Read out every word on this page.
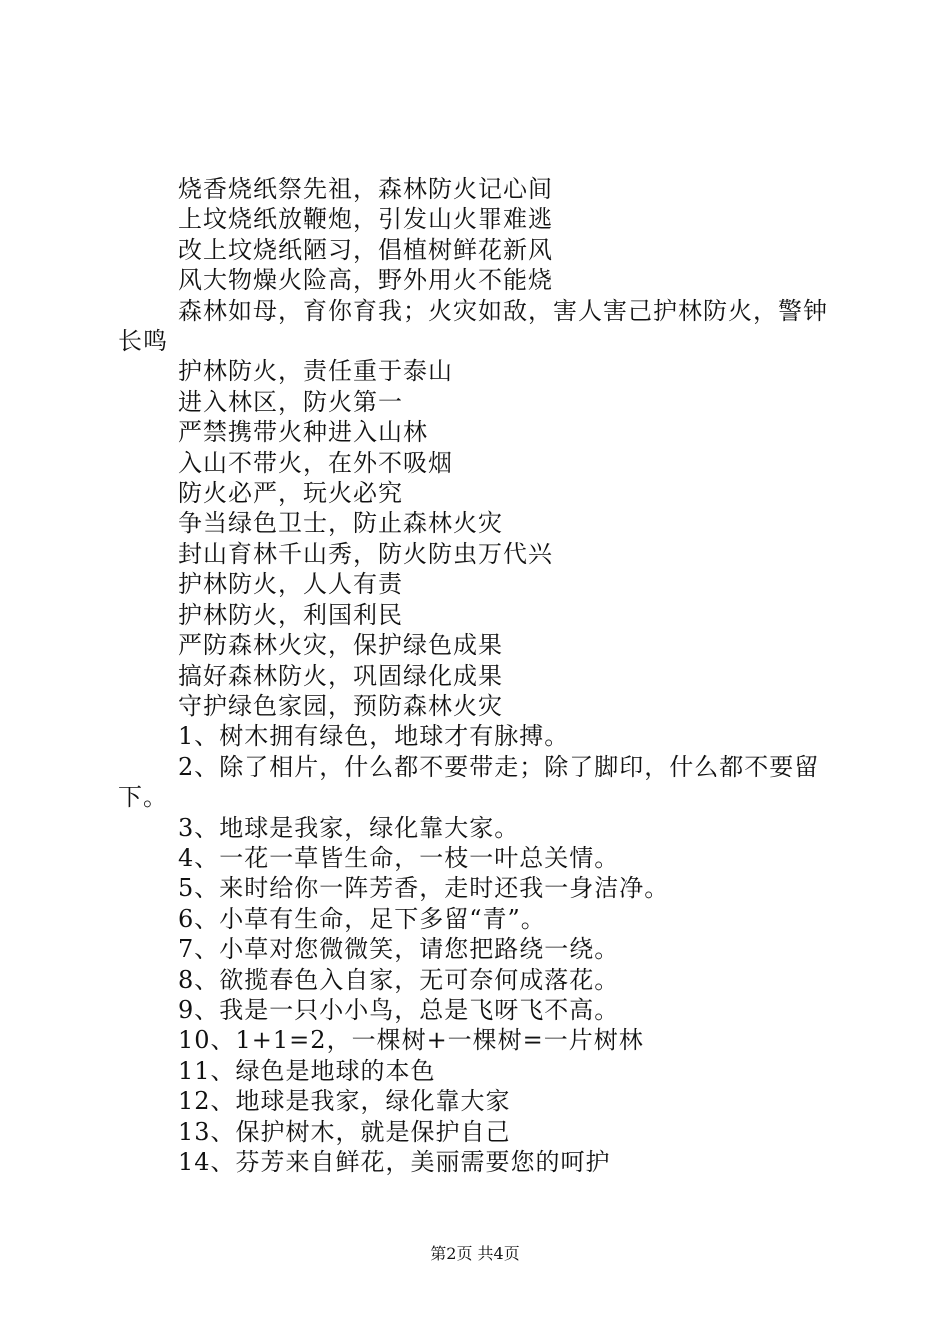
烧香烧纸祭先祖，森林防火记心间

上坟烧纸放鞭炮，引发山火罪难逃

改上坟烧纸陋习，倡植树鲜花新风

风大物燥火险高，野外用火不能烧

森林如母，育你育我；火灾如敌，害人害己护林防火，警钟长鸣

护林防火，责任重于泰山

进入林区，防火第一

严禁携带火种进入山林

入山不带火，在外不吸烟

防火必严，玩火必究

争当绿色卫士，防止森林火灾

封山育林千山秀，防火防虫万代兴

护林防火，人人有责

护林防火，利国利民

严防森林火灾，保护绿色成果

搞好森林防火，巩固绿化成果

守护绿色家园，预防森林火灾

1、树木拥有绿色，地球才有脉搏。

2、除了相片，什么都不要带走；除了脚印，什么都不要留下。

3、地球是我家，绿化靠大家。

4、一花一草皆生命，一枝一叶总关情。

5、来时给你一阵芳香，走时还我一身洁净。

6、小草有生命，足下多留“青”。

7、小草对您微微笑，请您把路绕一绕。

8、欲揽春色入自家，无可奈何成落花。

9、我是一只小小鸟，总是飞呀飞不高。

10、1+1=2，一棵树+一棵树=一片树林

11、绿色是地球的本色

12、地球是我家，绿化靠大家

13、保护树木，就是保护自己

14、芬芳来自鲜花，美丽需要您的呵护

第2页 共4页
